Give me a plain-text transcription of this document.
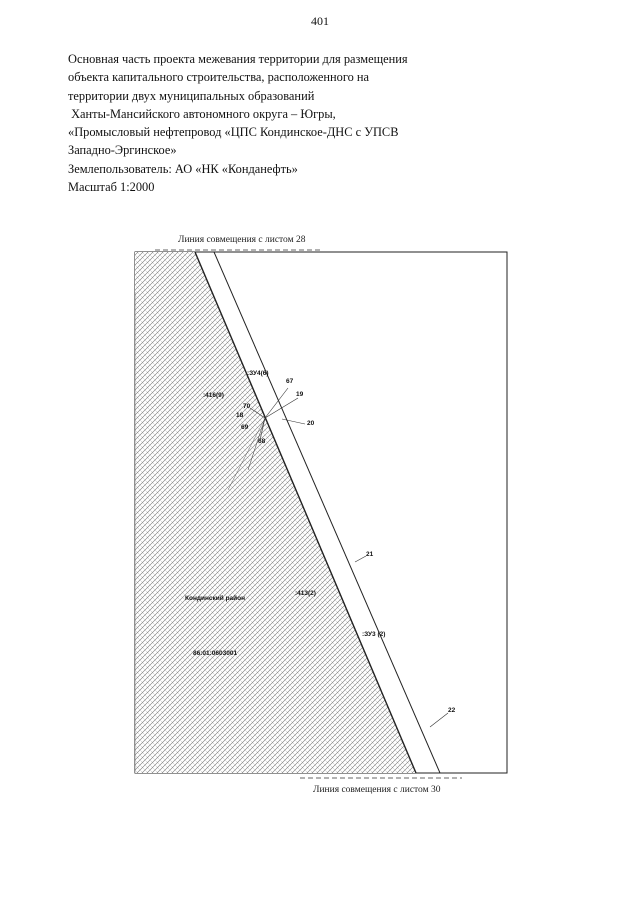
401
Основная часть проекта межевания территории для размещения
объекта капитального строительства, расположенного на
территории двух муниципальных образований
Ханты-Мансийского автономного округа – Югры,
«Промысловый нефтепровод «ЦПС Кондинское-ДНС с УПСВ
Западно-Эргинское»
Землепользователь: АО «НК «Конданефть»
Масштаб 1:2000
Линия совмещения с листом 28
Линия совмещения с листом 30
:ЗУ4(6)
:416(9)
:413(2)
:ЗУ3 (2)
67
19
70
18
69
20
68
21
22
Кондинский район
86:01:0603001
